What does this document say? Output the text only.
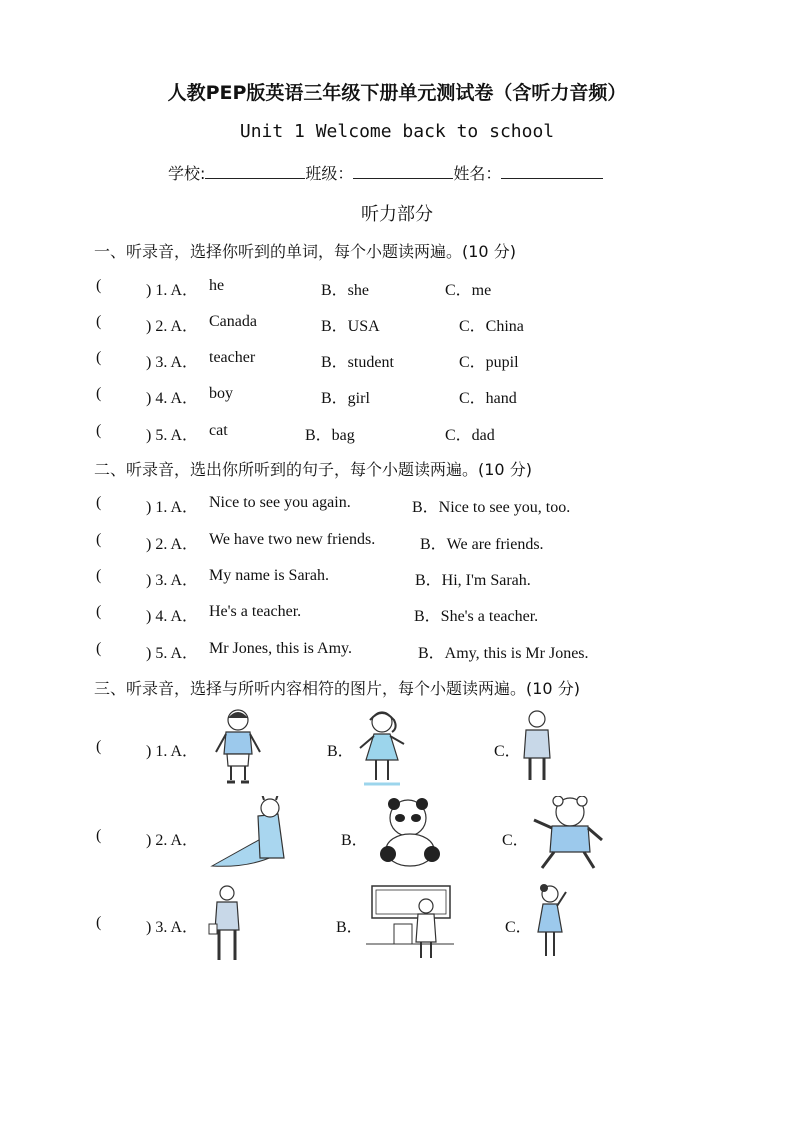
人教PEP版英语三年级下册单元测试卷（含听力音频）
Unit 1 Welcome back to school
学校:	班级：	姓名：
听力部分
一、听录音，选择你听到的单词，每个小题读两遍。(10 分)
(	) 1. A． he	B．she	C．me
(	) 2. A． Canada	B．USA	C．China
(	) 3. A． teacher	B．student	C．pupil
(	) 4. A． boy	B．girl	C．hand
(	) 5. A． cat	B．bag	C．dad
二、听录音，选出你所听到的句子，每个小题读两遍。(10 分)
(	) 1. A． Nice to see you again.	B．Nice to see you, too.
(	) 2. A． We have two new friends.	B．We are friends.
(	) 3. A． My name is Sarah.	B．Hi, I'm Sarah.
(	) 4. A． He's a teacher.	B．She's a teacher.
(	) 5. A． Mr Jones, this is Amy.	B．Amy, this is Mr Jones.
三、听录音，选择与所听内容相符的图片，每个小题读两遍。(10 分)
(	) 1. A．	B．	C．
(	) 2. A．	B．	C．
(	) 3. A．	B．	C．
